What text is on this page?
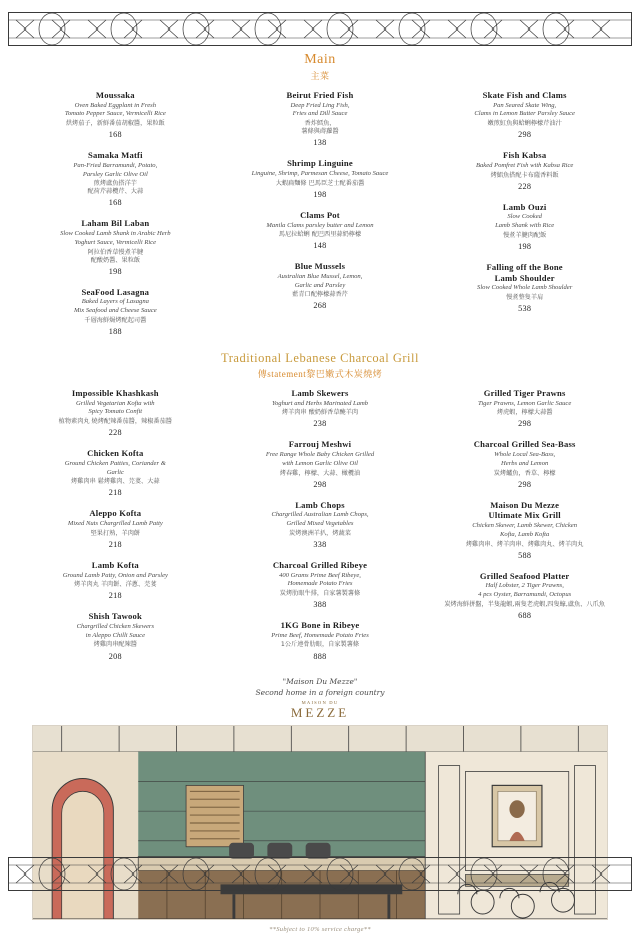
Main
主菜
Moussaka
Oven Baked Eggplant in Fresh
Tomato Pepper Sauce, Vermicelli Rice
烘烤茄子，新鮮番茄胡椒醬，果粒飯
168
Samaka Matfi
Pan-Fried Barramundi, Potato,
Parsley Garlic Olive Oil
煎烤盧魚搭洋芋
配荷芹蒜欖芹、大蒜
168
Laham Bil Laban
Slow Cooked Lamb Shank in Arabic Herb
Yoghurt Sauce, Vermicelli Rice
阿拉伯香草慢煮羊腱
配酸奶醬、果粒飯
198
SeaFood Lasagna
Baked Layers of Lasagna
Mix Seafood and Cheese Sauce
千層海鮮焗烤配起司醬
188
Beirut Fried Fish
Deep Fried Ling Fish,
Fries and Dill Sauce
香炸鱈魚，
薯條與蒔蘿醬
138
Shrimp Linguine
Linguine, Shrimp, Parmesan Cheese, Tomato Sauce
大蝦扁麵條 巴馬臣芝士配番茄醬
198
Clams Pot
Manila Clams parsley butter and Lemon
馬尼拉蛤蜊 配巴西里蒜奶檸檬
148
Blue Mussels
Australian Blue Mussel, Lemon,
Garlic and Parsley
藍青口配檸檬蒜香芹
268
Skate Fish and Clams
Pan Seared Skate Wing,
Clams in Lemon Butter Parsley Sauce
嫩煎魟魚與蛤蜊檸檬芹油汁
298
Fish Kabsa
Baked Pomfret Fish with Kabsa Rice
烤鯧魚搭配卡布薩香料飯
228
Lamb Ouzi
Slow Cooked
Lamb Shank with Rice
慢煮羊腱肉配飯
198
Falling off the Bone
Lamb Shoulder
Slow Cooked Whole Lamb Shoulder
慢煮整隻羊肩
538
Traditional Lebanese Charcoal Grill
傳statement黎巴嫩式木炭燒烤
Impossible Khashkash
Grilled Vegetarian Kofta with
Spicy Tomato Confit
植物素肉丸 燒烤配辣番茄醬，辣椒番茄醬
228
Chicken Kofta
Ground Chicken Patties, Coriander &
Garlic
烤雞肉串 鬆烤雞肉、芫荽、大蒜
218
Aleppo Kofta
Mixed Nuts Chargrilled Lamb Patty
堅果打熟，羊肉餅
218
Lamb Kofta
Ground Lamb Patty, Onion and Parsley
烤羊肉丸 羊肉餅、洋蔥、芫荽
218
Shish Tawook
Chargrilled Chicken Skewers
in Aleppo Chilli Sauce
烤雞肉串配辣醬
208
Lamb Skewers
Yoghurt and Herbs Marinated Lamb
烤羊肉串 酸奶鮮香草醃羊肉
238
Farrouj Meshwi
Free Range Whole Baby Chicken Grilled
with Lemon Garlic Olive Oil
烤春雞，檸檬、大蒜、橄欖油
298
Lamb Chops
Chargrilled Australian Lamb Chops,
Grilled Mixed Vegetables
炭烤澳洲羊扒，烤蔬菜
338
Charcoal Grilled Ribeye
400 Grams Prime Beef Ribeye,
Homemade Potato Fries
炭烤肋眼牛排，自家薯製薯條
388
1KG Bone in Ribeye
Prime Beef, Homemade Potato Fries
1公斤連骨肋眼，自家製薯條
888
Grilled Tiger Prawns
Tiger Prawns, Lemon Garlic Sauce
烤虎蝦，檸檬大蒜醬
298
Charcoal Grilled Sea-Bass
Whole Local Sea-Bass,
Herbs and Lemon
炭烤鱸魚，香草、檸檬
298
Maison Du Mezze
Ultimate Mix Grill
Chicken Skewer, Lamb Skewer, Chicken
Kofta, Lamb Kofta
烤雞肉串、烤羊肉串、烤雞肉丸、烤羊肉丸
588
Grilled Seafood Platter
Half Lobster, 2 Tiger Prawns,
4 pcs Oyster, Barramundi, Octopus
炭烤海鮮拼盤，半隻龍蝦,兩隻老虎蝦,四隻蠔,盧魚、八爪魚
688
"Maison Du Mezze"
Second home in a foreign country
MAISON DU
MEZZE
**Subject to 10% service charge**
